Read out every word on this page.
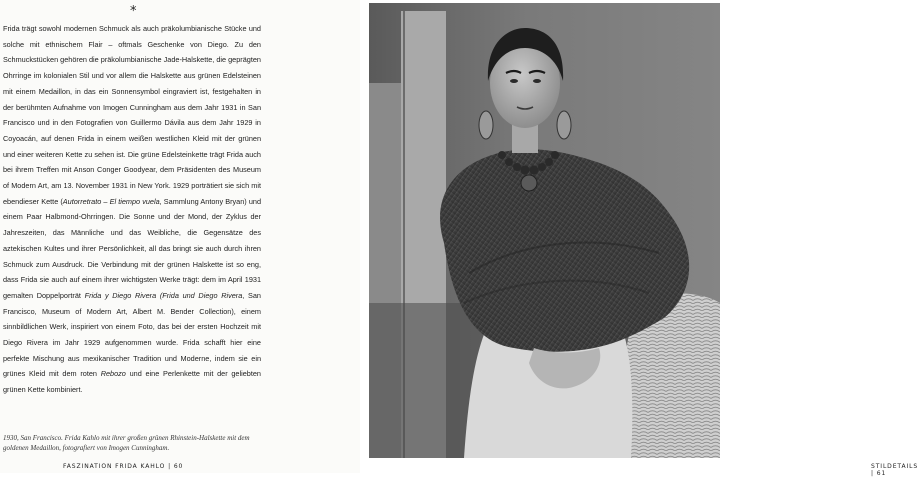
*

Frida trägt sowohl modernen Schmuck als auch präkolumbianische Stücke und solche mit ethnischem Flair – oftmals Geschenke von Diego. Zu den Schmuckstücken gehören die präkolumbianische Jade-Halskette, die geprägten Ohrringe im kolonialen Stil und vor allem die Halskette aus grünen Edelsteinen mit einem Medaillon, in das ein Sonnensymbol eingraviert ist, festgehalten in der berühmten Aufnahme von Imogen Cunningham aus dem Jahr 1931 in San Francisco und in den Fotografien von Guillermo Dávila aus dem Jahr 1929 in Coyoacán, auf denen Frida in einem weißen westlichen Kleid mit der grünen und einer weiteren Kette zu sehen ist. Die grüne Edelsteinkette trägt Frida auch bei ihrem Treffen mit Anson Conger Goodyear, dem Präsidenten des Museum of Modern Art, am 13. November 1931 in New York. 1929 porträtiert sie sich mit ebendieser Kette (Autorretrato – El tiempo vuela, Sammlung Antony Bryan) und einem Paar Halbmond-Ohrringen. Die Sonne und der Mond, der Zyklus der Jahreszeiten, das Männliche und das Weibliche, die Gegensätze des aztekischen Kultes und ihrer Persönlichkeit, all das bringt sie auch durch ihren Schmuck zum Ausdruck. Die Verbindung mit der grünen Halskette ist so eng, dass Frida sie auch auf einem ihrer wichtigsten Werke trägt: dem im April 1931 gemalten Doppelporträt Frida y Diego Rivera (Frida und Diego Rivera, San Francisco, Museum of Modern Art, Albert M. Bender Collection), einem sinnbildlichen Werk, inspiriert von einem Foto, das bei der ersten Hochzeit mit Diego Rivera im Jahr 1929 aufgenommen wurde. Frida schafft hier eine perfekte Mischung aus mexikanischer Tradition und Moderne, indem sie ein grünes Kleid mit dem roten Rebozo und eine Perlenkette mit der geliebten grünen Kette kombiniert.

1930, San Francisco. Frida Kahlo mit ihrer großen grünen Rhinstein-Halskette mit dem goldenen Medaillon, fotografiert von Imogen Cunningham.
FASZINATION FRIDA KAHLO | 60	STILDETAILS | 61
